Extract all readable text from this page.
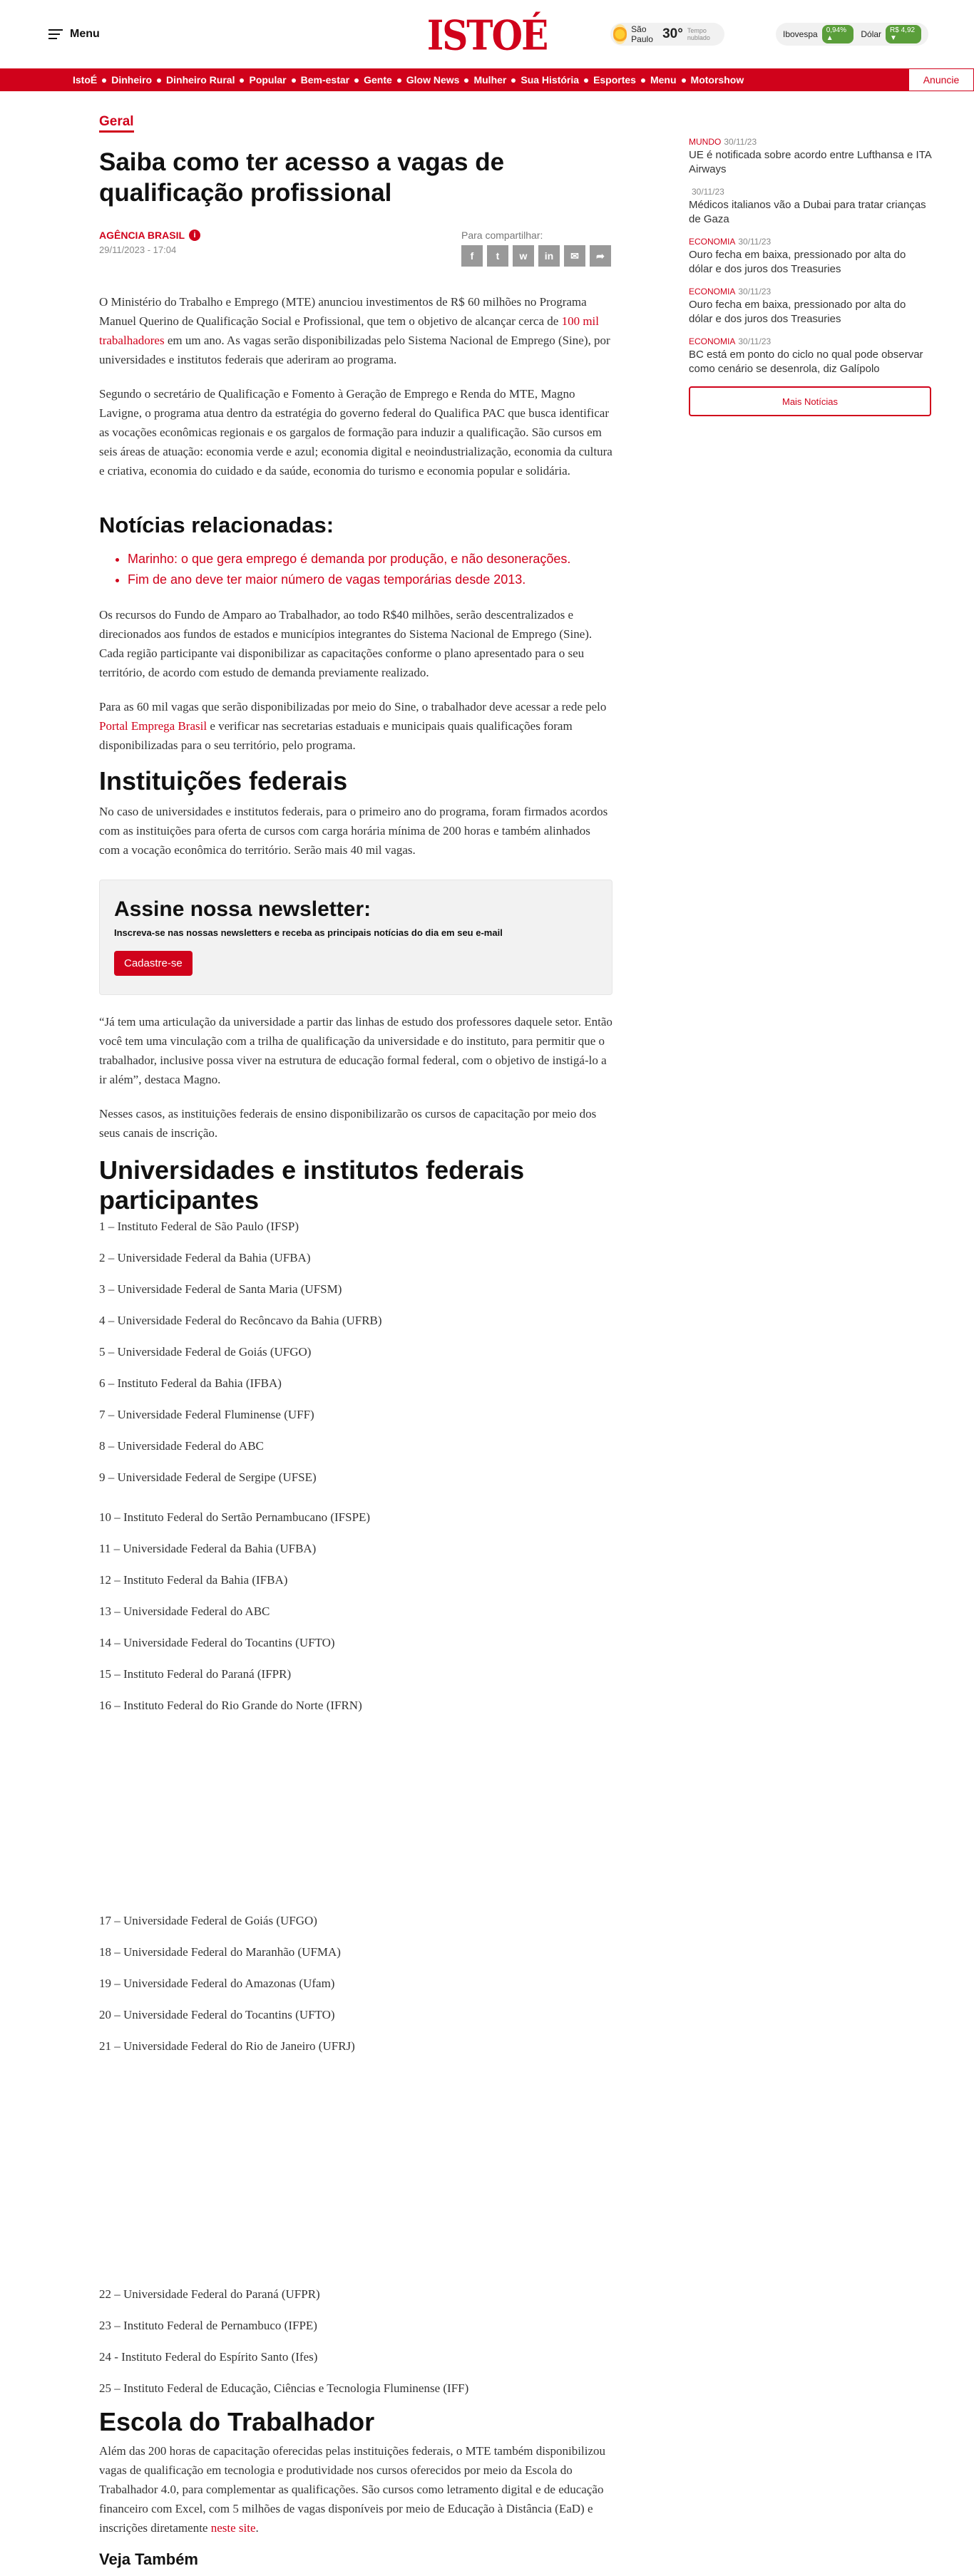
Menu	ISTOÉ	São Paulo 30° Tempo nublado	Ibovespa	0,94% ▲	Dólar	R$ 4,92 ▼
IstoÉ	Dinheiro	Dinheiro Rural	Popular	Bem-estar	Gente	Glow News	Mulher	Sua História	Esportes	Menu	Motorshow	Anuncie
Geral
Saiba como ter acesso a vagas de qualificação profissional
AGÊNCIA BRASIL	i
29/11/2023 - 17:04
Para compartilhar:
f	t	w	in	✉	➦

O Ministério do Trabalho e Emprego (MTE) anunciou investimentos de R$ 60 milhões no Programa Manuel Querino de Qualificação Social e Profissional, que tem o objetivo de alcançar cerca de 100 mil trabalhadores em um ano. As vagas serão disponibilizadas pelo Sistema Nacional de Emprego (Sine), por universidades e institutos federais que aderiram ao programa.

Segundo o secretário de Qualificação e Fomento à Geração de Emprego e Renda do MTE, Magno Lavigne, o programa atua dentro da estratégia do governo federal do Qualifica PAC que busca identificar as vocações econômicas regionais e os gargalos de formação para induzir a qualificação. São cursos em seis áreas de atuação: economia verde e azul; economia digital e neoindustrialização, economia da cultura e criativa, economia do cuidado e da saúde, economia do turismo e economia popular e solidária.

Notícias relacionadas:
• Marinho: o que gera emprego é demanda por produção, e não desonerações.
• Fim de ano deve ter maior número de vagas temporárias desde 2013.

Os recursos do Fundo de Amparo ao Trabalhador, ao todo R$40 milhões, serão descentralizados e direcionados aos fundos de estados e municípios integrantes do Sistema Nacional de Emprego (Sine). Cada região participante vai disponibilizar as capacitações conforme o plano apresentado para o seu território, de acordo com estudo de demanda previamente realizado.

Para as 60 mil vagas que serão disponibilizadas por meio do Sine, o trabalhador deve acessar a rede pelo Portal Emprega Brasil e verificar nas secretarias estaduais e municipais quais qualificações foram disponibilizadas para o seu território, pelo programa.

Instituições federais

No caso de universidades e institutos federais, para o primeiro ano do programa, foram firmados acordos com as instituições para oferta de cursos com carga horária mínima de 200 horas e também alinhados com a vocação econômica do território. Serão mais 40 mil vagas.

Assine nossa newsletter:
Inscreva-se nas nossas newsletters e receba as principais notícias do dia em seu e-mail
Cadastre-se

“Já tem uma articulação da universidade a partir das linhas de estudo dos professores daquele setor. Então você tem uma vinculação com a trilha de qualificação da universidade e do instituto, para permitir que o trabalhador, inclusive possa viver na estrutura de educação formal federal, com o objetivo de instigá-lo a ir além”, destaca Magno.

Nesses casos, as instituições federais de ensino disponibilizarão os cursos de capacitação por meio dos seus canais de inscrição.

Universidades e institutos federais participantes

1 – Instituto Federal de São Paulo (IFSP)

2 – Universidade Federal da Bahia (UFBA)

3 – Universidade Federal de Santa Maria (UFSM)

4 – Universidade Federal do Recôncavo da Bahia (UFRB)

5 – Universidade Federal de Goiás (UFGO)

6 – Instituto Federal da Bahia (IFBA)

7 – Universidade Federal Fluminense (UFF)

8 – Universidade Federal do ABC

9 – Universidade Federal de Sergipe (UFSE)

10 – Instituto Federal do Sertão Pernambucano (IFSPE)

11 – Universidade Federal da Bahia (UFBA)

12 – Instituto Federal da Bahia (IFBA)

13 – Universidade Federal do ABC

14 – Universidade Federal do Tocantins (UFTO)

15 – Instituto Federal do Paraná (IFPR)

16 – Instituto Federal do Rio Grande do Norte (IFRN)

17 – Universidade Federal de Goiás (UFGO)

18 – Universidade Federal do Maranhão (UFMA)

19 – Universidade Federal do Amazonas (Ufam)

20 – Universidade Federal do Tocantins (UFTO)

21 – Universidade Federal do Rio de Janeiro (UFRJ)

22 – Universidade Federal do Paraná (UFPR)

23 – Instituto Federal de Pernambuco (IFPE)

24 - Instituto Federal do Espírito Santo (Ifes)

25 – Instituto Federal de Educação, Ciências e Tecnologia Fluminense (IFF)

Escola do Trabalhador

Além das 200 horas de capacitação oferecidas pelas instituições federais, o MTE também disponibilizou vagas de qualificação em tecnologia e produtividade nos cursos oferecidos por meio da Escola do Trabalhador 4.0, para complementar as qualificações. São cursos como letramento digital e de educação financeiro com Excel, com 5 milhões de vagas disponíveis por meio de Educação à Distância (EaD) e inscrições diretamente neste site.

Veja Também
MUNDO 30/11/23
UE é notificada sobre acordo entre Lufthansa e ITA Airways
30/11/23
Médicos italianos vão a Dubai para tratar crianças de Gaza
ECONOMIA 30/11/23
Ouro fecha em baixa, pressionado por alta do dólar e dos juros dos Treasuries
ECONOMIA 30/11/23
Ouro fecha em baixa, pressionado por alta do dólar e dos juros dos Treasuries
ECONOMIA 30/11/23
BC está em ponto do ciclo no qual pode observar como cenário se desenrola, diz Galípolo
Mais Notícias
